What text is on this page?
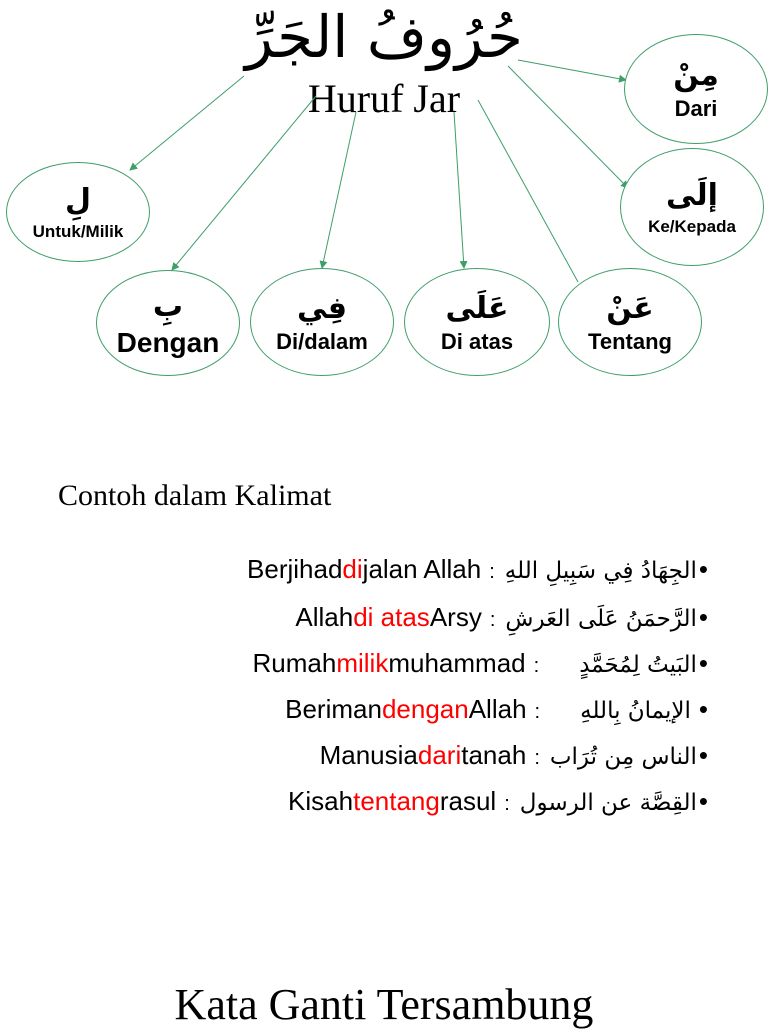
حُرُوفُ الجَرِّ
Huruf Jar
مِنْ
Dari
إلَى
Ke/Kepada
لِ
Untuk/Milik
بِ
Dengan
فِي
Di/dalam
عَلَى
Di atas
عَنْ
Tentang
Contoh dalam Kalimat
Berjihad di jalan Allah : الجِهَادُ فِي سَبِيلِ اللهِ •
Allah di atas Arsy : الرَّحمَنُ عَلَى العَرشِ •
Rumah milik muhammad :	البَيتُ لِمُحَمَّدٍ •
Beriman dengan Allah :	الإيمانُ بِاللهِ •
Manusia dari tanah : الناس مِن تُرَاب •
Kisah tentang rasul : القِصَّة عن الرسول •
Kata Ganti Tersambung
